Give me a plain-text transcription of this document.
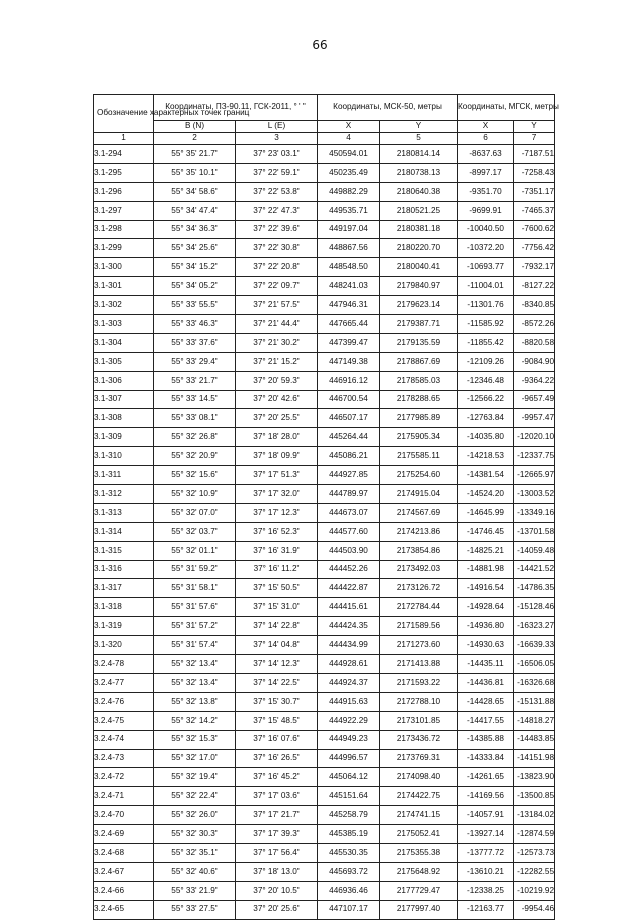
66
Обозначение характерных точек границ	Координаты, ПЗ-90.11, ГСК-2011, ° ' "		Координаты, МСК-50, метры		Координаты, МГСК, метры	
	B (N)	L (E)	X	Y	X	Y
1	2	3	4	5	6	7
3.1-294	55° 35' 21.7"	37° 23' 03.1"	450594.01	2180814.14	-8637.63	-7187.51
3.1-295	55° 35' 10.1"	37° 22' 59.1"	450235.49	2180738.13	-8997.17	-7258.43
3.1-296	55° 34' 58.6"	37° 22' 53.8"	449882.29	2180640.38	-9351.70	-7351.17
3.1-297	55° 34' 47.4"	37° 22' 47.3"	449535.71	2180521.25	-9699.91	-7465.37
3.1-298	55° 34' 36.3"	37° 22' 39.6"	449197.04	2180381.18	-10040.50	-7600.62
3.1-299	55° 34' 25.6"	37° 22' 30.8"	448867.56	2180220.70	-10372.20	-7756.42
3.1-300	55° 34' 15.2"	37° 22' 20.8"	448548.50	2180040.41	-10693.77	-7932.17
3.1-301	55° 34' 05.2"	37° 22' 09.7"	448241.03	2179840.97	-11004.01	-8127.22
3.1-302	55° 33' 55.5"	37° 21' 57.5"	447946.31	2179623.14	-11301.76	-8340.85
3.1-303	55° 33' 46.3"	37° 21' 44.4"	447665.44	2179387.71	-11585.92	-8572.26
3.1-304	55° 33' 37.6"	37° 21' 30.2"	447399.47	2179135.59	-11855.42	-8820.58
3.1-305	55° 33' 29.4"	37° 21' 15.2"	447149.38	2178867.69	-12109.26	-9084.90
3.1-306	55° 33' 21.7"	37° 20' 59.3"	446916.12	2178585.03	-12346.48	-9364.22
3.1-307	55° 33' 14.5"	37° 20' 42.6"	446700.54	2178288.65	-12566.22	-9657.49
3.1-308	55° 33' 08.1"	37° 20' 25.5"	446507.17	2177985.89	-12763.84	-9957.47
3.1-309	55° 32' 26.8"	37° 18' 28.0"	445264.44	2175905.34	-14035.80	-12020.10
3.1-310	55° 32' 20.9"	37° 18' 09.9"	445086.21	2175585.11	-14218.53	-12337.75
3.1-311	55° 32' 15.6"	37° 17' 51.3"	444927.85	2175254.60	-14381.54	-12665.97
3.1-312	55° 32' 10.9"	37° 17' 32.0"	444789.97	2174915.04	-14524.20	-13003.52
3.1-313	55° 32' 07.0"	37° 17' 12.3"	444673.07	2174567.69	-14645.99	-13349.16
3.1-314	55° 32' 03.7"	37° 16' 52.3"	444577.60	2174213.86	-14746.45	-13701.58
3.1-315	55° 32' 01.1"	37° 16' 31.9"	444503.90	2173854.86	-14825.21	-14059.48
3.1-316	55° 31' 59.2"	37° 16' 11.2"	444452.26	2173492.03	-14881.98	-14421.52
3.1-317	55° 31' 58.1"	37° 15' 50.5"	444422.87	2173126.72	-14916.54	-14786.35
3.1-318	55° 31' 57.6"	37° 15' 31.0"	444415.61	2172784.44	-14928.64	-15128.46
3.1-319	55° 31' 57.2"	37° 14' 22.8"	444424.35	2171589.56	-14936.80	-16323.27
3.1-320	55° 31' 57.4"	37° 14' 04.8"	444434.99	2171273.60	-14930.63	-16639.33
3.2.4-78	55° 32' 13.4"	37° 14' 12.3"	444928.61	2171413.88	-14435.11	-16506.05
3.2.4-77	55° 32' 13.4"	37° 14' 22.5"	444924.37	2171593.22	-14436.81	-16326.68
3.2.4-76	55° 32' 13.8"	37° 15' 30.7"	444915.63	2172788.10	-14428.65	-15131.88
3.2.4-75	55° 32' 14.2"	37° 15' 48.5"	444922.29	2173101.85	-14417.55	-14818.27
3.2.4-74	55° 32' 15.3"	37° 16' 07.6"	444949.23	2173436.72	-14385.88	-14483.85
3.2.4-73	55° 32' 17.0"	37° 16' 26.5"	444996.57	2173769.31	-14333.84	-14151.98
3.2.4-72	55° 32' 19.4"	37° 16' 45.2"	445064.12	2174098.40	-14261.65	-13823.90
3.2.4-71	55° 32' 22.4"	37° 17' 03.6"	445151.64	2174422.75	-14169.56	-13500.85
3.2.4-70	55° 32' 26.0"	37° 17' 21.7"	445258.79	2174741.15	-14057.91	-13184.02
3.2.4-69	55° 32' 30.3"	37° 17' 39.3"	445385.19	2175052.41	-13927.14	-12874.59
3.2.4-68	55° 32' 35.1"	37° 17' 56.4"	445530.35	2175355.38	-13777.72	-12573.73
3.2.4-67	55° 32' 40.6"	37° 18' 13.0"	445693.72	2175648.92	-13610.21	-12282.55
3.2.4-66	55° 33' 21.9"	37° 20' 10.5"	446936.46	2177729.47	-12338.25	-10219.92
3.2.4-65	55° 33' 27.5"	37° 20' 25.6"	447107.17	2177997.40	-12163.77	-9954.46
